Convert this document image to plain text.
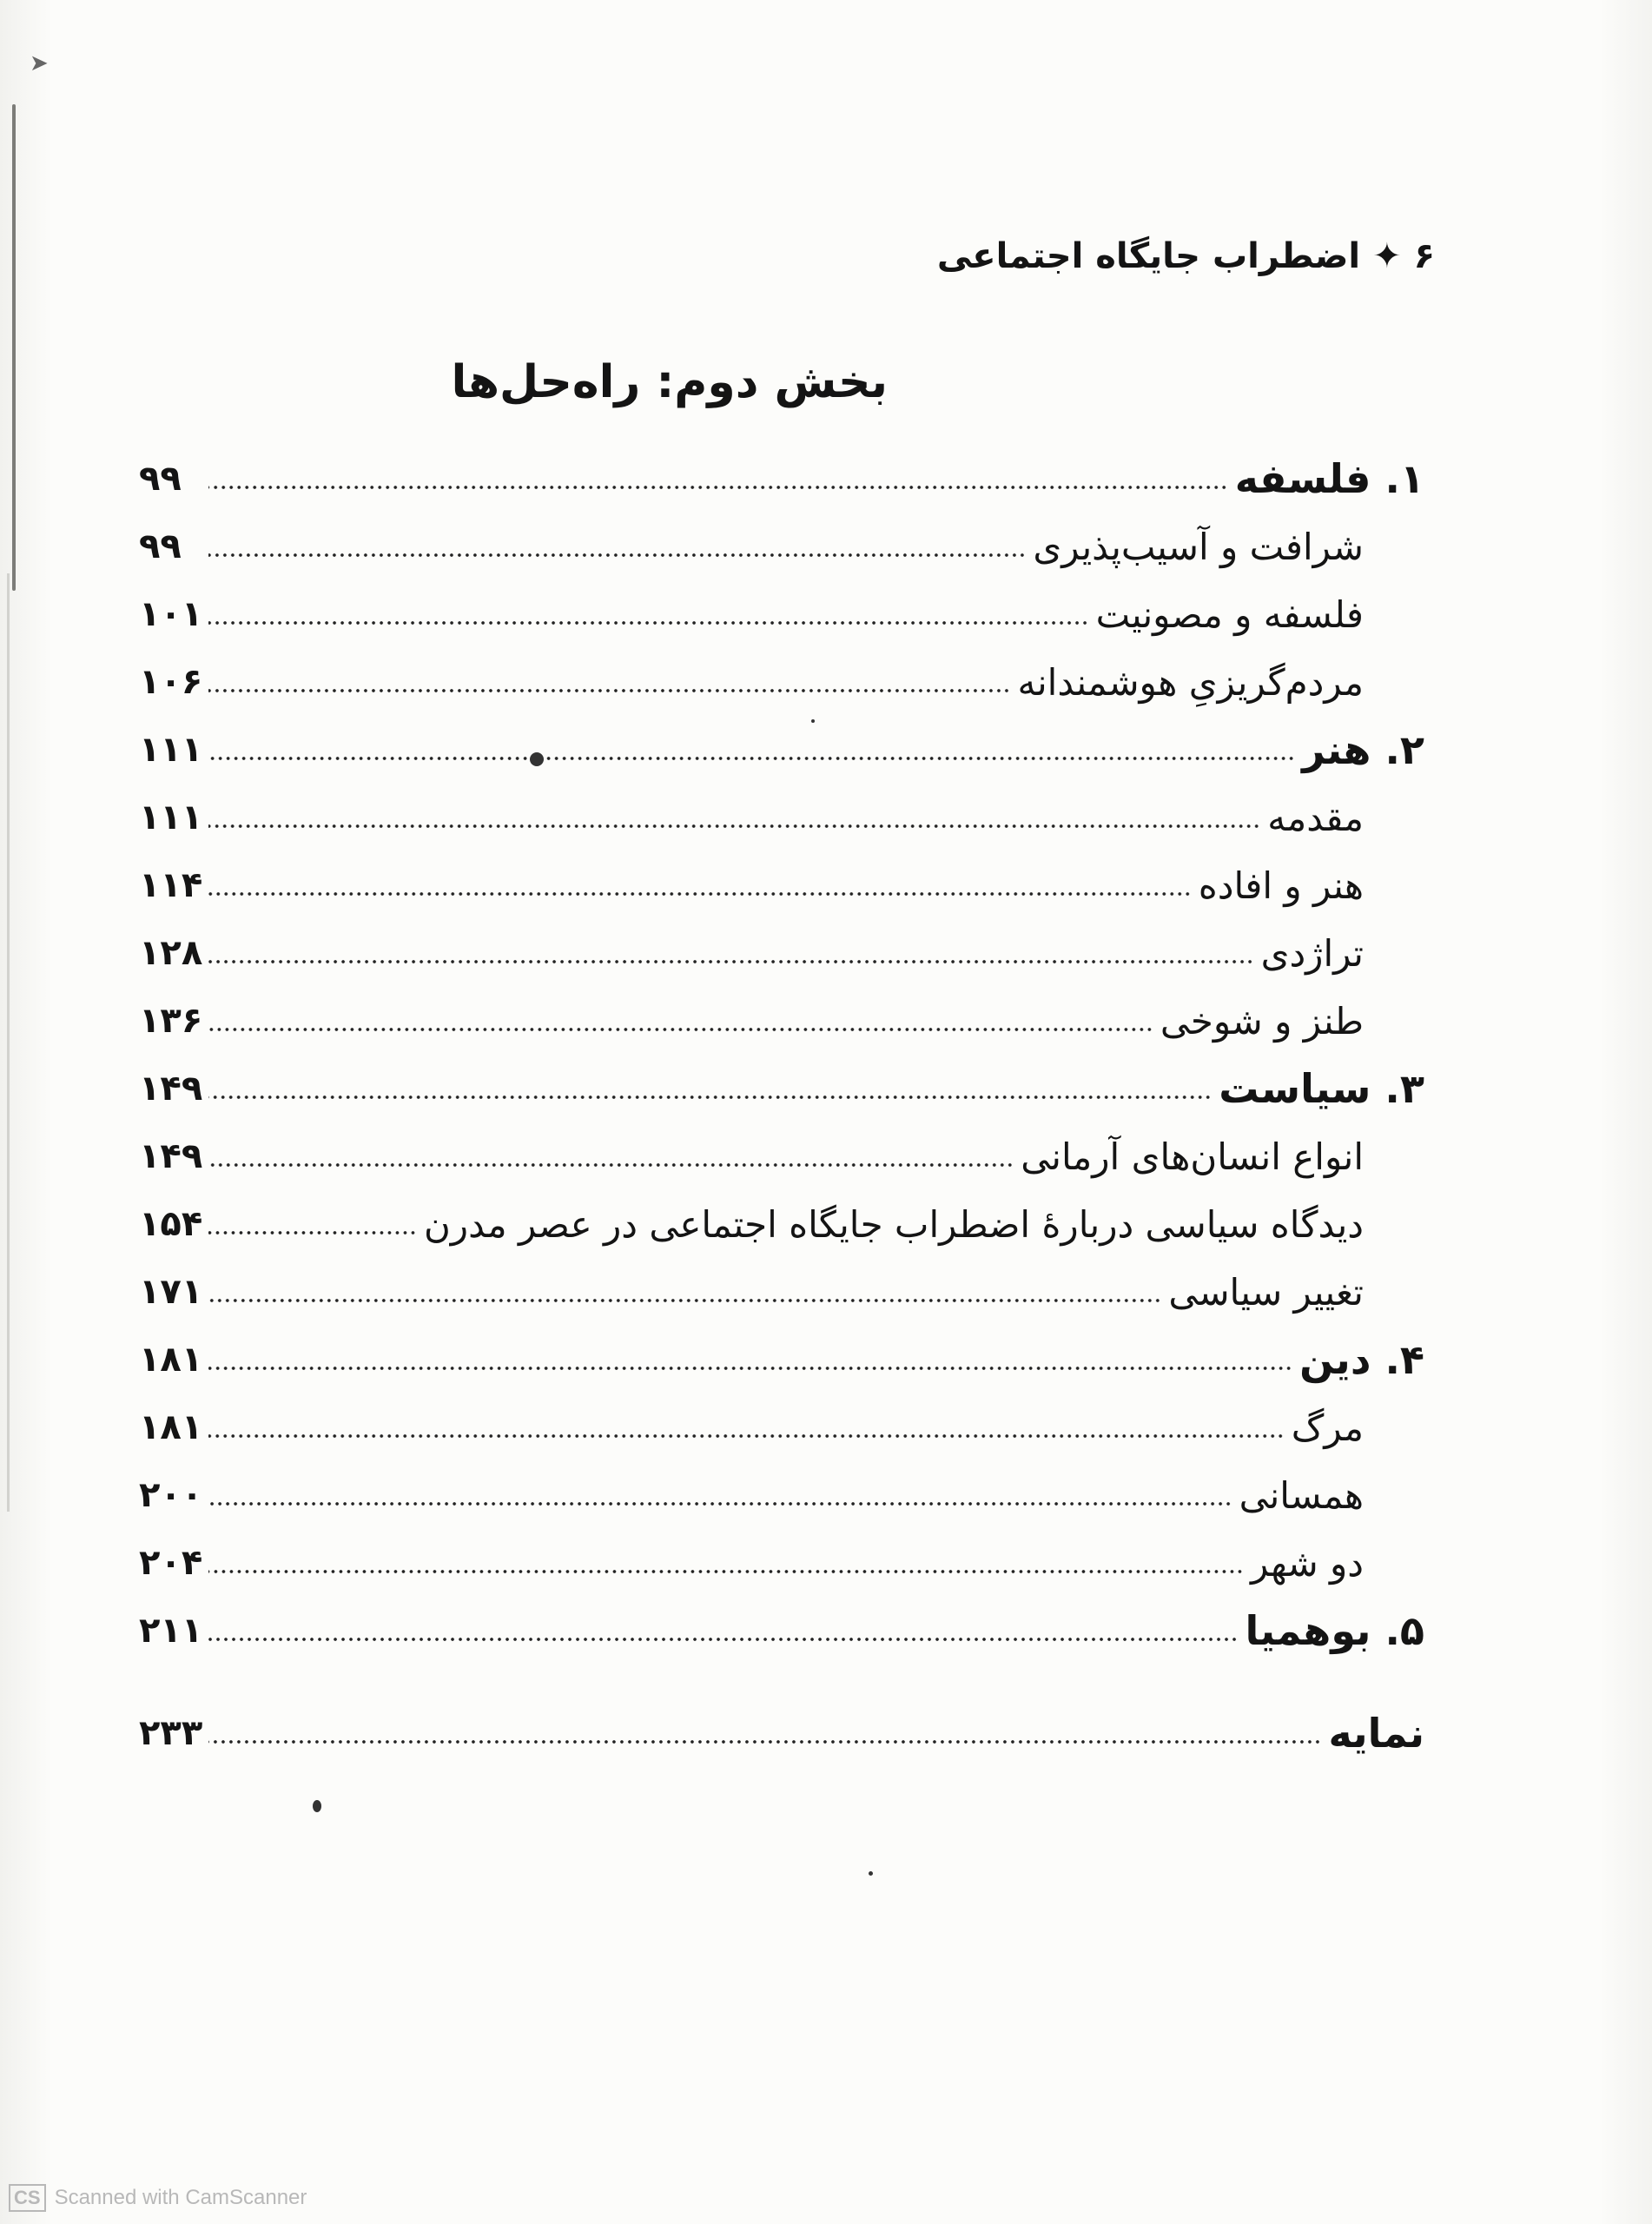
➤
۶
✦
اضطراب جایگاه اجتماعی
بخش دوم: راه‌حل‌ها
۱. فلسفه
۹۹
شرافت و آسیب‌پذیری
۹۹
فلسفه و مصونیت
۱۰۱
مردم‌گریزیِ هوشمندانه
۱۰۶
۲. هنر
۱۱۱
مقدمه
۱۱۱
هنر و افاده
۱۱۴
تراژدی
۱۲۸
طنز و شوخی
۱۳۶
۳. سیاست
۱۴۹
انواع انسان‌های آرمانی
۱۴۹
دیدگاه سیاسی دربارهٔ اضطراب جایگاه اجتماعی در عصر مدرن
۱۵۴
تغییر سیاسی
۱۷۱
۴. دین
۱۸۱
مرگ
۱۸۱
همسانی
۲۰۰
دو شهر
۲۰۴
۵. بوهمیا
۲۱۱
نمایه
۲۳۳
CS Scanned with CamScanner
